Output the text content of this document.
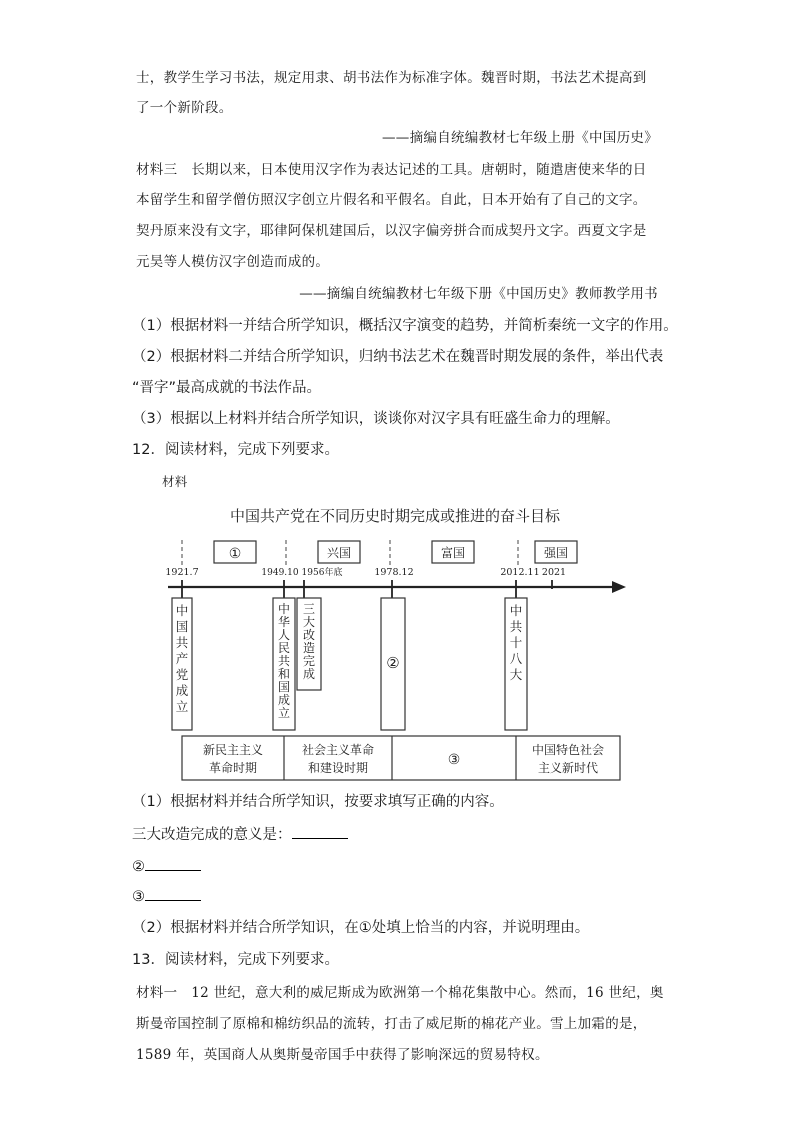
士，教学生学习书法，规定用隶、胡书法作为标准字体。魏晋时期，书法艺术提高到
了一个新阶段。
——摘编自统编教材七年级上册《中国历史》
材料三　长期以来，日本使用汉字作为表达记述的工具。唐朝时，随遣唐使来华的日
本留学生和留学僧仿照汉字创立片假名和平假名。自此，日本开始有了自己的文字。
契丹原来没有文字，耶律阿保机建国后，以汉字偏旁拼合而成契丹文字。西夏文字是
元昊等人模仿汉字创造而成的。
——摘编自统编教材七年级下册《中国历史》教师教学用书
（1）根据材料一并结合所学知识，概括汉字演变的趋势，并简析秦统一文字的作用。
（2）根据材料二并结合所学知识，归纳书法艺术在魏晋时期发展的条件，举出代表
“晋字”最高成就的书法作品。
（3）根据以上材料并结合所学知识，谈谈你对汉字具有旺盛生命力的理解。
12．阅读材料，完成下列要求。
材料
中国共产党在不同历史时期完成或推进的奋斗目标
①	兴国	富国	强国
1921.7	1949.10 1956年底	1978.12	2012.11 2021
中国共产党成立
中华人民共和国成立
三大改造完成
②
中共十八大
新民主主义
革命时期
社会主义革命
和建设时期	③
中国特色社会
主义新时代
（1）根据材料并结合所学知识，按要求填写正确的内容。
三大改造完成的意义是：
②
③
（2）根据材料并结合所学知识，在①处填上恰当的内容，并说明理由。
13．阅读材料，完成下列要求。
材料一　12 世纪，意大利的威尼斯成为欧洲第一个棉花集散中心。然而，16 世纪，奥
斯曼帝国控制了原棉和棉纺织品的流转，打击了威尼斯的棉花产业。雪上加霜的是，
1589 年，英国商人从奥斯曼帝国手中获得了影响深远的贸易特权。
